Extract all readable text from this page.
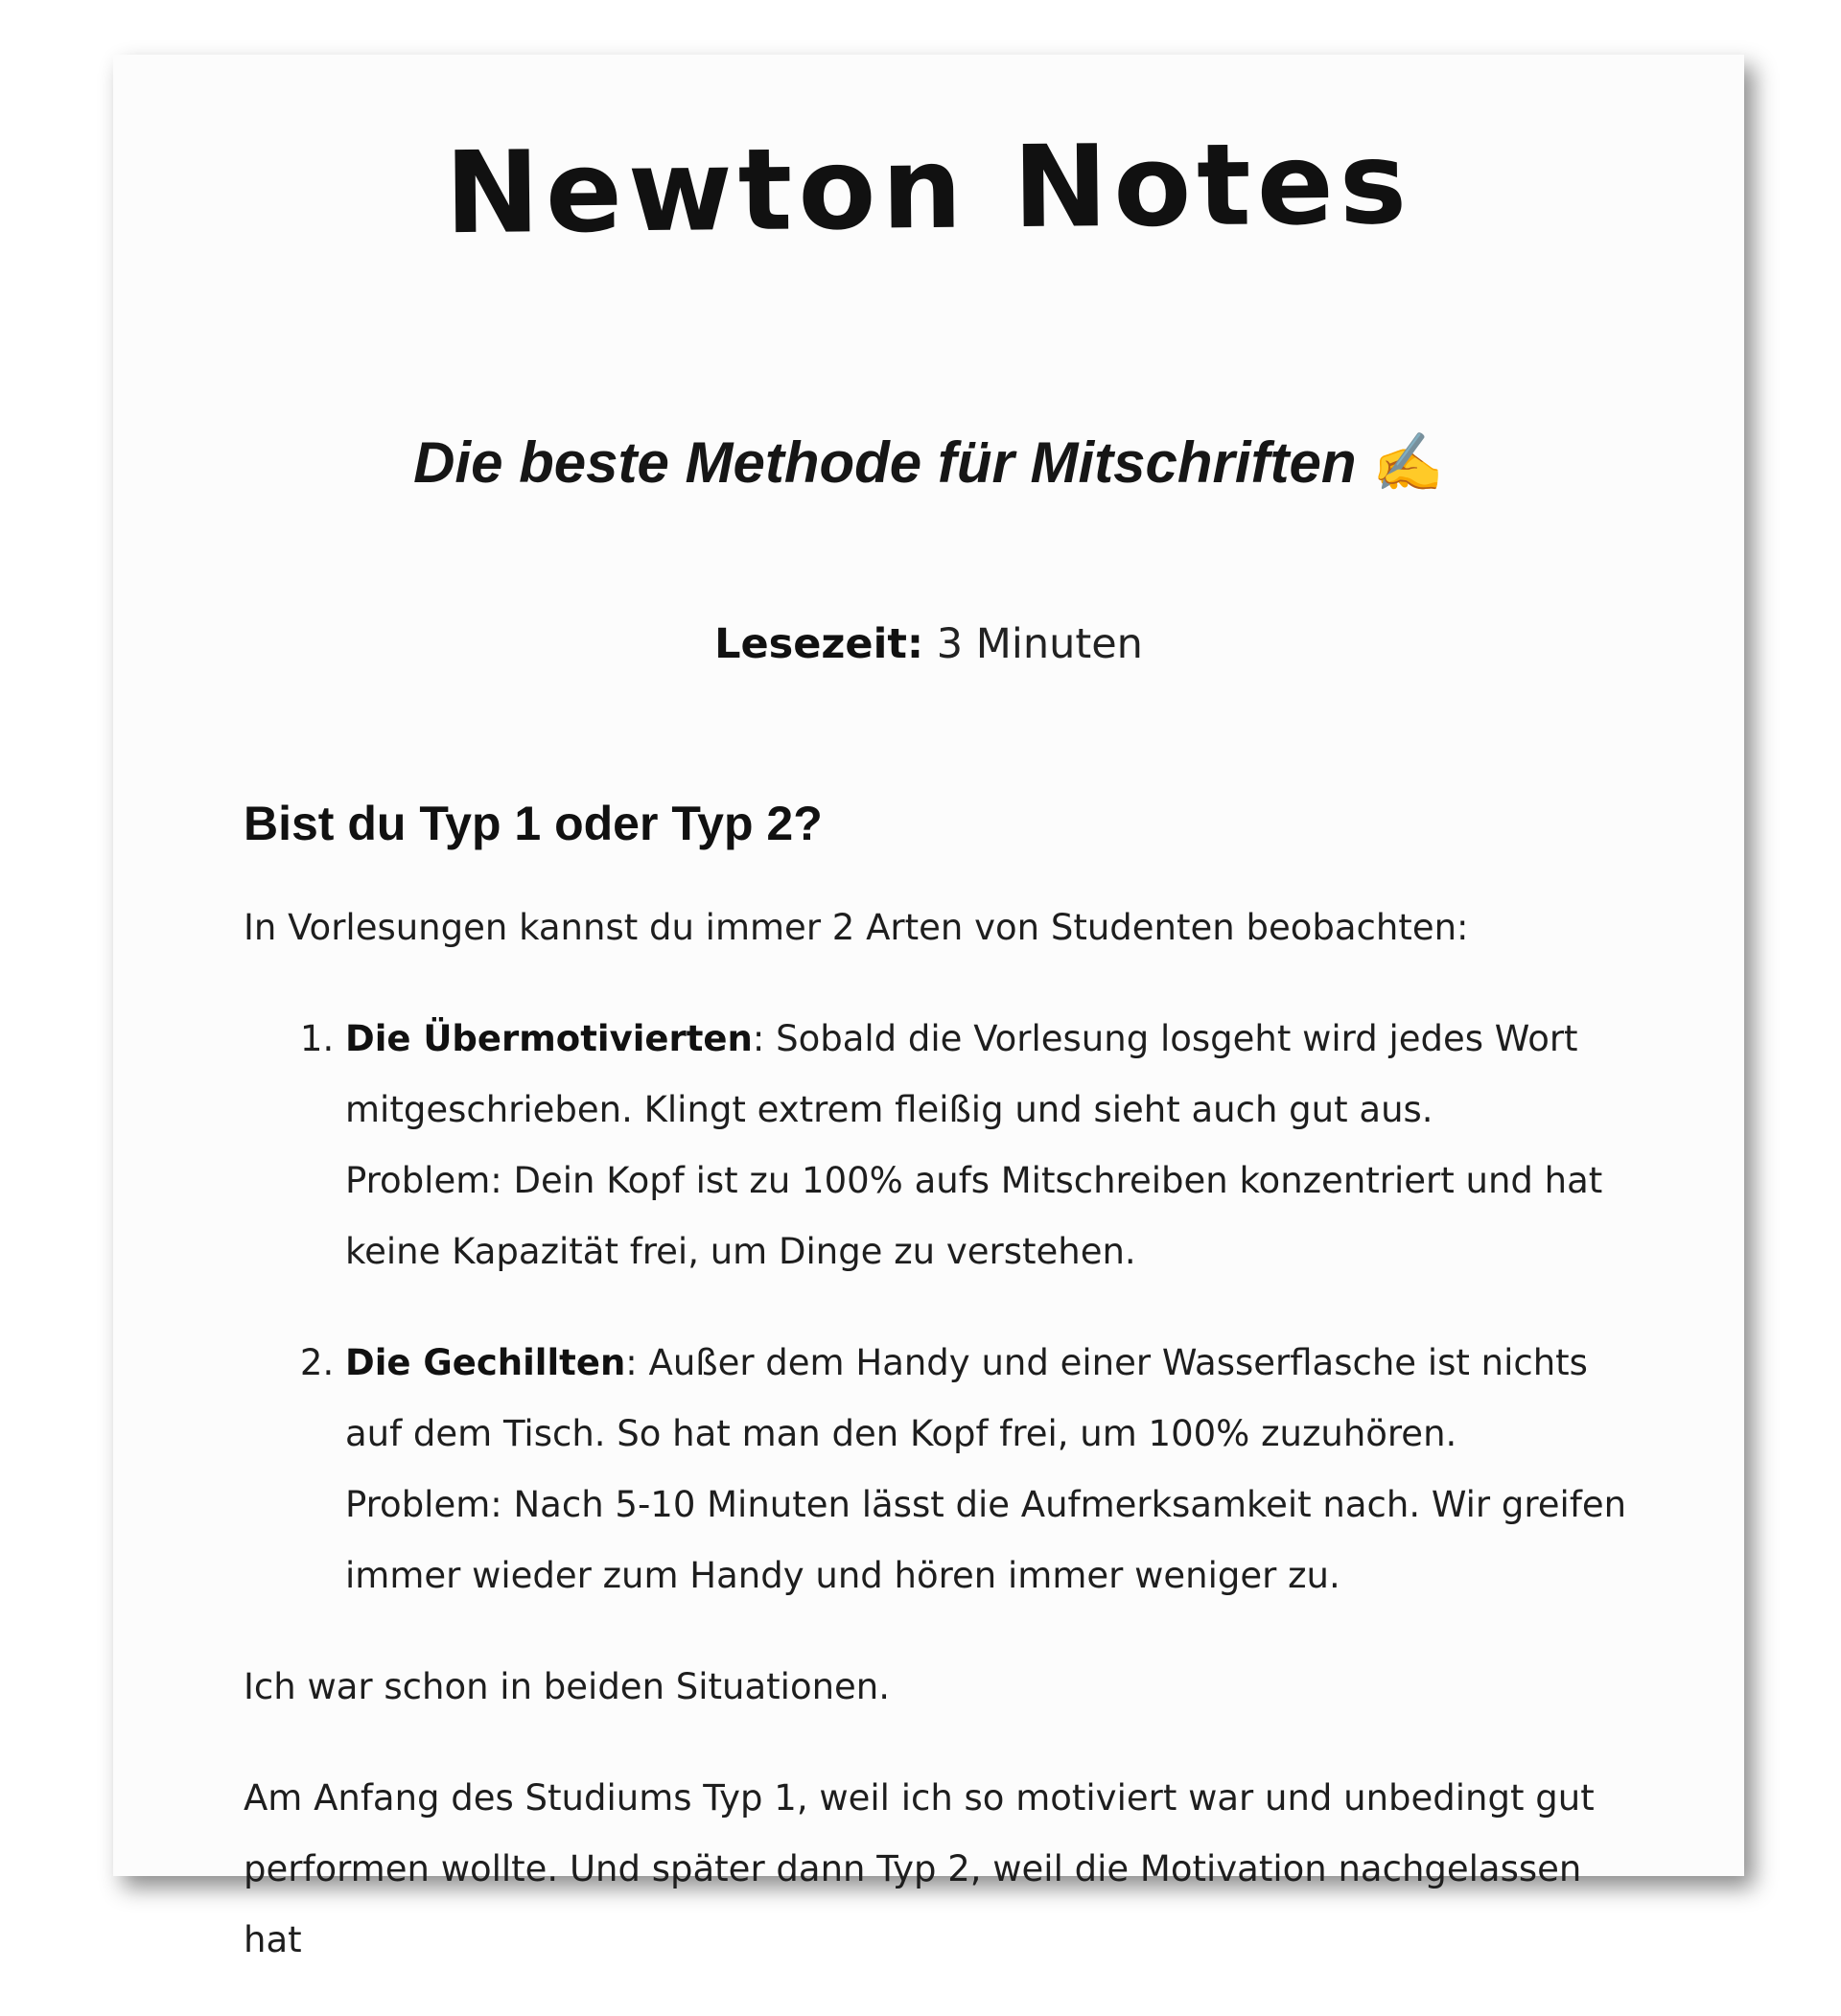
Newton Notes
Die beste Methode für Mitschriften ✍
Lesezeit: 3 Minuten
Bist du Typ 1 oder Typ 2?

In Vorlesungen kannst du immer 2 Arten von Studenten beobachten:

1. Die Übermotivierten: Sobald die Vorlesung losgeht wird jedes Wort mitgeschrieben. Klingt extrem fleißig und sieht auch gut aus.
Problem: Dein Kopf ist zu 100% aufs Mitschreiben konzentriert und hat keine Kapazität frei, um Dinge zu verstehen.
2. Die Gechillten: Außer dem Handy und einer Wasserflasche ist nichts auf dem Tisch. So hat man den Kopf frei, um 100% zuzuhören.
Problem: Nach 5-10 Minuten lässt die Aufmerksamkeit nach. Wir greifen immer wieder zum Handy und hören immer weniger zu.

Ich war schon in beiden Situationen.

Am Anfang des Studiums Typ 1, weil ich so motiviert war und unbedingt gut performen wollte. Und später dann Typ 2, weil die Motivation nachgelassen hat
